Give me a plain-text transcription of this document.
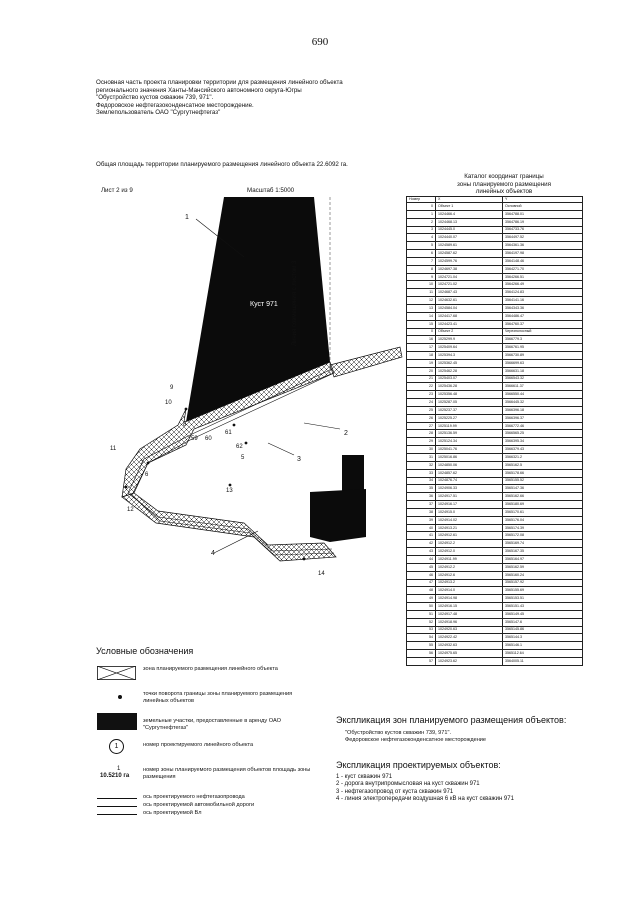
690
Основная часть проекта планировки территории для размещения линейного объекта
регионального значения Ханты-Мансийского автономного округа-Югры
"Обустройство кустов скважин 739, 971".
Федоровское нефтегазоконденсатное месторождение.
Землепользователь ОАО "Сургутнефтегаз"
Общая площадь территории планируемого размещения линейного объекта 22.6092 га.
Лист 2 из 9	Масштаб 1:5000
Каталог координат границы
зоны планируемого размещения
линейных объектов
Номер	X	Y
0	Объект 1	Основной
1	1024466.4	3564788.01
2	1024468.13	3564786.19
3	1024445.0	3564733.76
4	1024440.07	3564497.52
5	1024589.61	3564361.36
6	1024587.62	3564197.98
7	1024599.76	3564148.46
8	1024697.38	3564271.70
9	1024721.04	3564266.51
10	1024721.02	3564266.49
11	1024687.43	3564124.83
12	1024632.61	3564141.16
13	1024584.04	3564343.36
14	1024417.68	3564486.47
15	1024423.41	3564760.37
0	Объект 2	Черезполосный
16	1025299.9	3566779.3
17	1025409.64	3566761.95
18	1025394.3	3566730.89
19	1025362.45	3566699.63
20	1025462.28	3566631.18
21	1025403.07	3566543.32
22	1025436.28	3566611.37
23	1025356.48	3566550.44
24	1025287.05	3566445.32
25	1025237.37	3566396.18
26	1025225.27	3566396.37
27	1025119.99	3566772.46
28	1025136.59	3566565.25
29	1025124.34	3566395.34
30	1025041.76	3566379.43
31	1025016.86	3566321.2
32	1024850.06	3565162.5
33	1024857.62	3565178.66
34	1024876.74	3565155.52
35	1024906.33	3565147.36
36	1024917.51	3565162.66
37	1024916.17	3565180.69
38	1024915.0	3565170.61
39	1024914.02	3565176.04
40	1024913.21	3565174.39
41	1024912.61	3565172.08
42	1024912.2	3565169.74
43	1024912.0	3565167.35
44	1024911.99	3565164.97
45	1024912.2	3565162.59
46	1024912.6	3565160.24
47	1024913.2	3565157.92
48	1024914.0	3565155.69
49	1024914.98	3565153.51
50	1024916.15	3565151.43
51	1024917.48	3565149.45
52	1024918.96	3565147.6
53	1024920.63	3565145.86
54	1024922.42	3565144.3
55	1024932.63	3565146.1
56	1024975.65	3565112.64
57	1024923.62	3564005.11
Куст 971 Линия совмещения с листом 3
1
2
3
4
5
6
7
8
9
10
11
12
13
14
59 60
61
62
Условные обозначения
зона планируемого размещения линейного объекта
точки поворота границы зоны планируемого размещения линейных объектов
земельные участки, предоставленные в аренду ОАО "Сургутнефтегаз"
1	номер проектируемого линейного объекта
1
10.5210 га
номер зоны планируемого размещения объектов площадь зоны размещения
ось проектируемого нефтегазопровода
ось проектируемой автомобильной дороги
ось проектируемой Вл
Экспликация зон планируемого размещения объектов:
"Обустройство кустов скважин 739, 971".
Федоровское нефтегазоконденсатное месторождение
Экспликация проектируемых объектов:
1 - куст скважин 971
2 - дорога внутрипромысловая на куст скважин 971
3 - нефтегазопровод от куста скважин 971
4 - линия электропередачи воздушная 6 кВ на куст скважин 971
